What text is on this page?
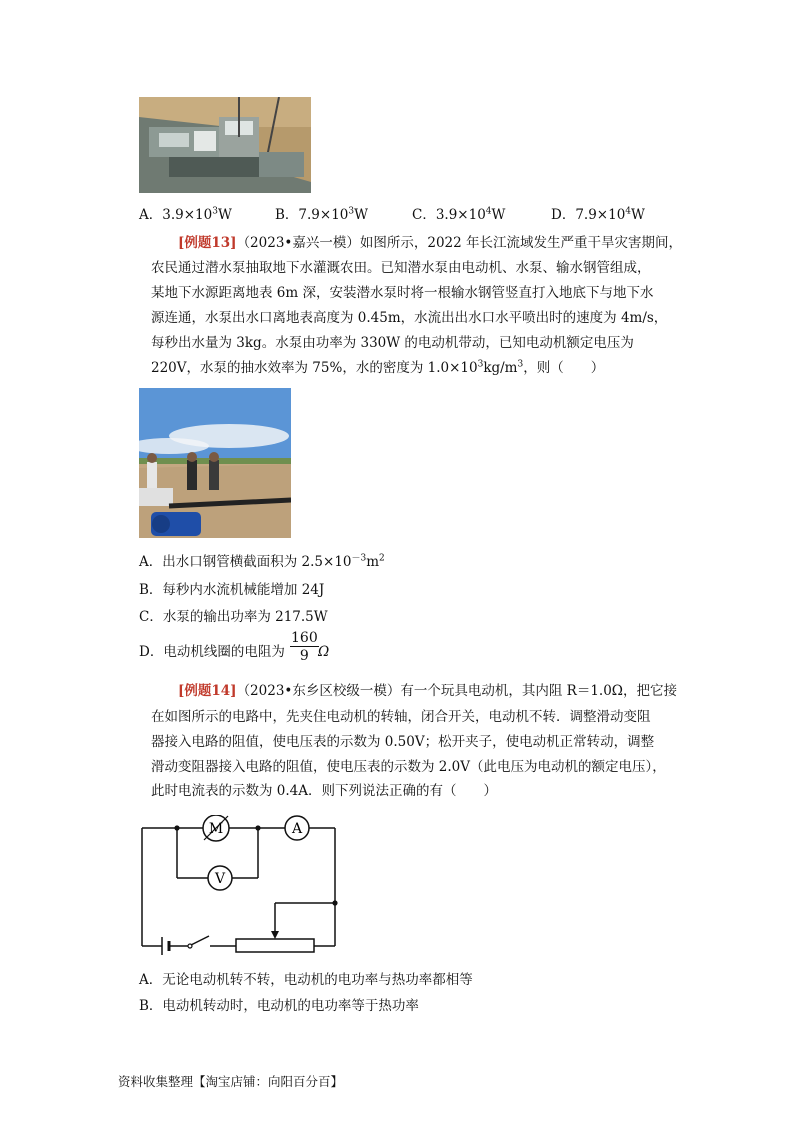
A．$3.9\times 10^3W$	B．$7.9\times 10^3W$	C．$3.9\times 10^4W$	D．$7.9\times 10^4W$
[例题13]（2023•嘉兴一模）如图所示，2022 年长江流域发生严重干旱灾害期间，
农民通过潜水泵抽取地下水灌溉农田。已知潜水泵由电动机、水泵、输水钢管组成，
某地下水源距离地表 6m 深，安装潜水泵时将一根输水钢管竖直打入地底下与地下水
源连通，水泵出水口离地表高度为 0.45m，水流出出水口水平喷出时的速度为 4m/s，
每秒出水量为 3kg。水泵由功率为 330W 的电动机带动，已知电动机额定电压为
220V，水泵的抽水效率为 75%，水的密度为 $1.0\times 10^3kg/m^3$，则（　　）
A．出水口钢管横截面积为 $2.5\times 10^{-3}m^2$
B．每秒内水流机械能增加 24J
C．水泵的输出功率为 217.5W
D．电动机线圈的电阻为 $\frac{160}{9}$ Ω
[例题14]（2023•东乡区校级一模）有一个玩具电动机，其内阻 R＝1.0Ω，把它接
在如图所示的电路中，先夹住电动机的转轴，闭合开关，电动机不转．调整滑动变阻
器接入电路的阻值，使电压表的示数为 0.50V；松开夹子，使电动机正常转动，调整
滑动变阻器接入电路的阻值，使电压表的示数为 2.0V（此电压为电动机的额定电压），
此时电流表的示数为 0.4A．则下列说法正确的有（　　）
M	A
V
A．无论电动机转不转，电动机的电功率与热功率都相等
B．电动机转动时，电动机的电功率等于热功率
资料收集整理【淘宝店铺：向阳百分百】
